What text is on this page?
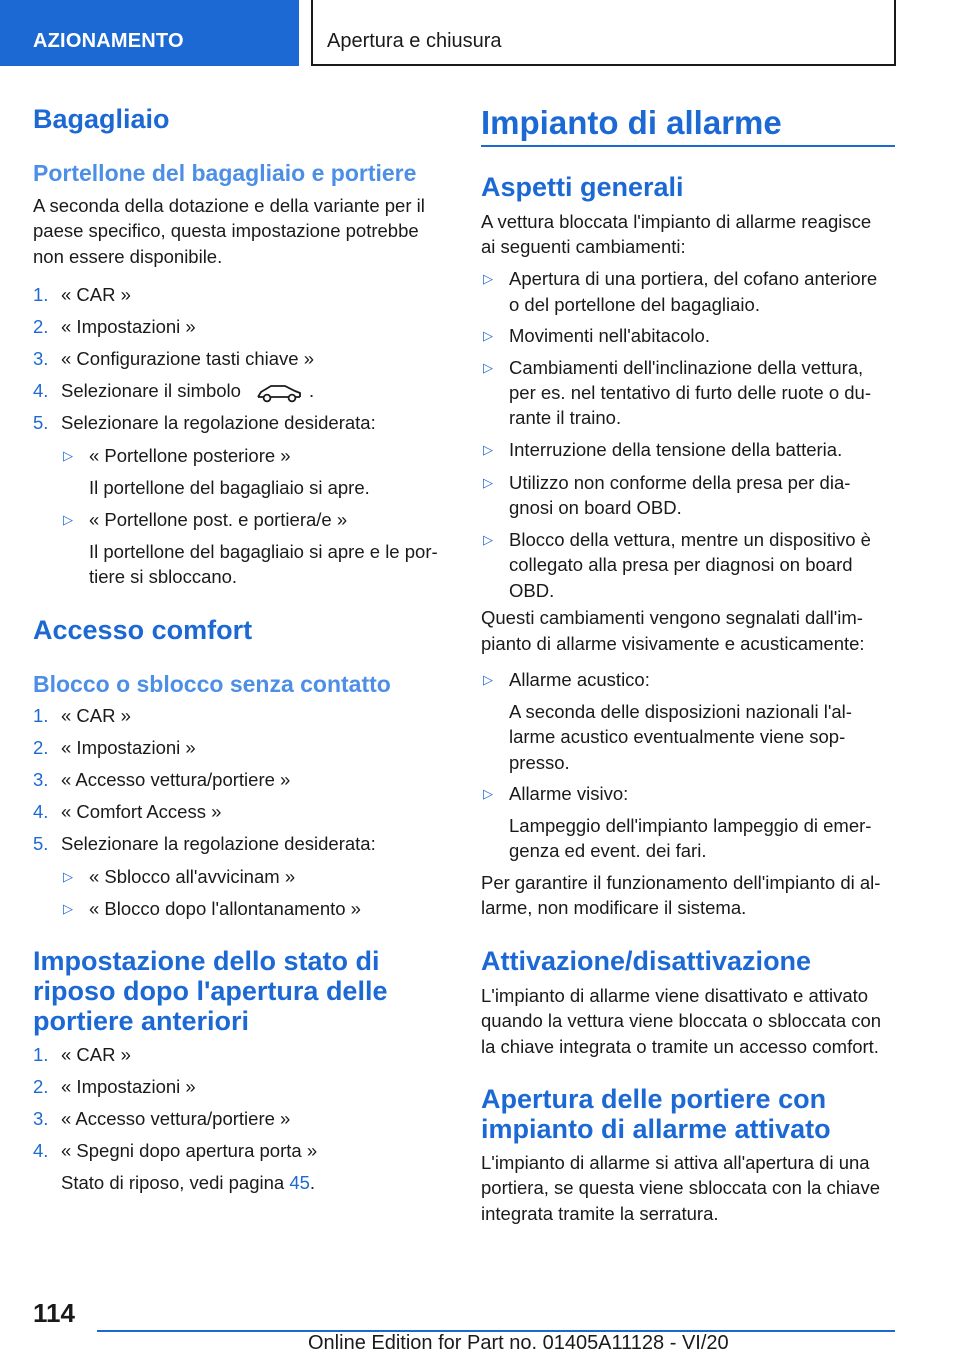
AZIONAMENTO	Apertura e chiusura
Bagagliaio
Portellone del bagagliaio e portiere
A seconda della dotazione e della variante per il
paese specifico, questa impostazione potrebbe
non essere disponibile.
1. « CAR »
2. « Impostazioni »
3. « Configurazione tasti chiave »
4. Selezionare il simbolo	.
5. Selezionare la regolazione desiderata:
▷ « Portellone posteriore »
Il portellone del bagagliaio si apre.
▷ « Portellone post. e portiera/e »
Il portellone del bagagliaio si apre e le por-
tiere si sbloccano.
Accesso comfort
Blocco o sblocco senza contatto
1. « CAR »
2. « Impostazioni »
3. « Accesso vettura/portiere »
4. « Comfort Access »
5. Selezionare la regolazione desiderata:
▷ « Sblocco all'avvicinam »
▷ « Blocco dopo l'allontanamento »
Impostazione dello stato di
riposo dopo l'apertura delle
portiere anteriori
1. « CAR »
2. « Impostazioni »
3. « Accesso vettura/portiere »
4. « Spegni dopo apertura porta »
Stato di riposo, vedi pagina 45.
Impianto di allarme
Aspetti generali
A vettura bloccata l'impianto di allarme reagisce
ai seguenti cambiamenti:
▷ Apertura di una portiera, del cofano anteriore
o del portellone del bagagliaio.
▷ Movimenti nell'abitacolo.
▷ Cambiamenti dell'inclinazione della vettura,
per es. nel tentativo di furto delle ruote o du-
rante il traino.
▷ Interruzione della tensione della batteria.
▷ Utilizzo non conforme della presa per dia-
gnosi on board OBD.
▷ Blocco della vettura, mentre un dispositivo è
collegato alla presa per diagnosi on board
OBD.
Questi cambiamenti vengono segnalati dall'im-
pianto di allarme visivamente e acusticamente:
▷ Allarme acustico:
A seconda delle disposizioni nazionali l'al-
larme acustico eventualmente viene sop-
presso.
▷ Allarme visivo:
Lampeggio dell'impianto lampeggio di emer-
genza ed event. dei fari.
Per garantire il funzionamento dell'impianto di al-
larme, non modificare il sistema.
Attivazione/disattivazione
L'impianto di allarme viene disattivato e attivato
quando la vettura viene bloccata o sbloccata con
la chiave integrata o tramite un accesso comfort.
Apertura delle portiere con
impianto di allarme attivato
L'impianto di allarme si attiva all'apertura di una
portiera, se questa viene sbloccata con la chiave
integrata tramite la serratura.
114
Online Edition for Part no. 01405A11128 - VI/20
